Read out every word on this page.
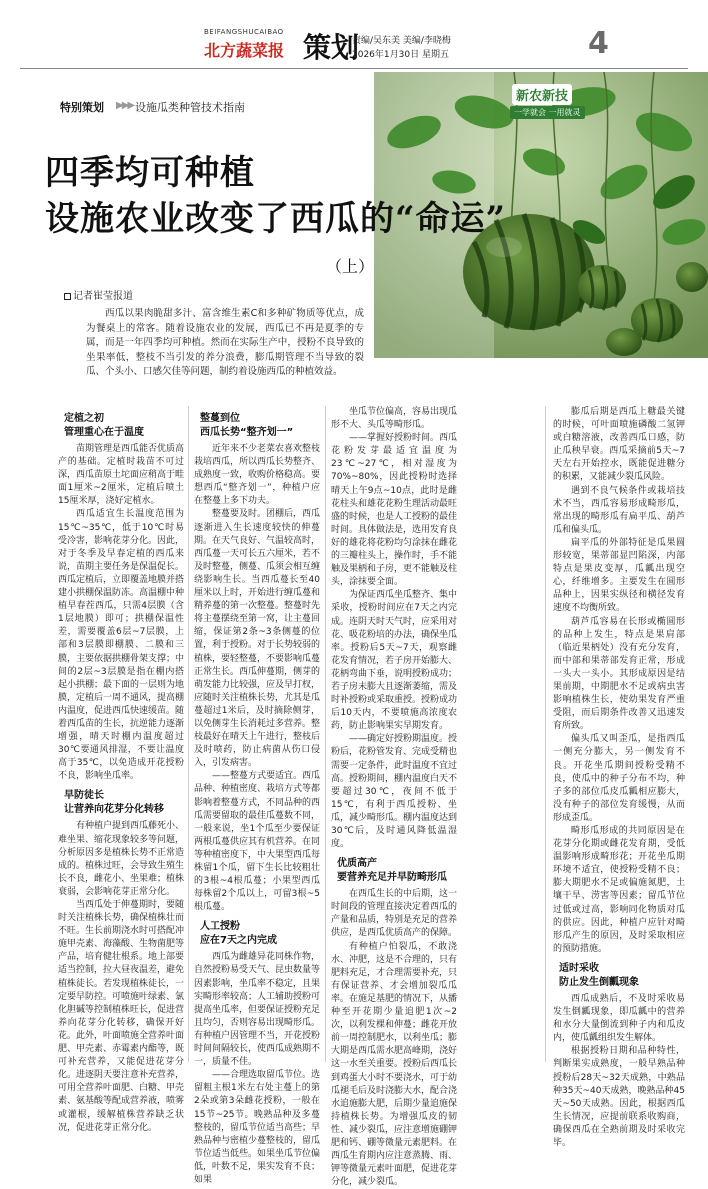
BEIFANGSHUCAIBAO
北方蔬菜报 策划
责编/吴东美 美编/李晓梅
2026年1月30日 星期五	4
新农新技
一学就会 一用就灵
特别策划 ▶▶▶ 设施瓜类种管技术指南
四季均可种植
设施农业改变了西瓜的“命运”
（上）
记者崔莹报道
西瓜以果肉脆甜多汁、富含维生素C和多种矿物质等优点，成为餐桌上的常客。随着设施农业的发展，西瓜已不再是夏季的专属，而是一年四季均可种植。然而在实际生产中，授粉不良导致的坐果率低，整枝不当引发的养分浪费，膨瓜期管理不当导致的裂瓜、个头小、口感欠佳等问题，制约着设施西瓜的种植效益。
定植之初
管理重心在于温度

苗期管理是西瓜能否优质高产的基础。定植时栽苗不可过深，西瓜苗原土坨面应稍高于畦面1厘米~2厘米，定植后喷土15厘米厚，浇好定植水。

西瓜适宜生长温度范围为15℃~35℃，低于10℃时易受冷害，影响花芽分化。因此，对于冬季及早春定植的西瓜来说，苗期主要任务是保温促长。西瓜定植后，立即覆盖地膜并搭建小拱棚保温防冻。高温棚中种植早春茬西瓜，只需4层膜（含1层地膜）即可；拱棚保温性差，需要覆盖6层~7层膜，上部和3层膜即棚膜、二膜和三膜，主要依据拱棚骨架支撑；中间的2层~3层膜是指在棚内搭起小拱棚；最下面的一层则为地膜，定植后一周不通风，提高棚内温度，促进西瓜快速缓苗。随着西瓜苗的生长，抗逆能力逐渐增强，晴天时棚内温度超过30℃要通风排湿，不要让温度高于35℃，以免造成开花授粉不良，影响坐瓜率。

早防徒长
让营养向花芽分化转移

有种植户提到西瓜藤死小、难坐果、缩花现象较多等问题，分析原因多是植株长势不正常造成的。植株过旺，会导致生殖生长不良，雌花小、坐果难；植株衰弱，会影响花芽正常分化。

当西瓜处于伸蔓期时，要随时关注植株长势，确保植株壮而不旺。生长前期浇水时可搭配冲施甲壳素、海藻酸、生物菌肥等产品，培育健壮根系。地上部要适当控制，拉大昼夜温差，避免植株徒长。若发现植株徒长，一定要早防控。可喷施叶绿素、氯化胆碱等控制植株旺长，促进营养向花芽分化转移，确保开好花。此外，叶面喷施全营养叶面肥、甲壳素、赤霉素内酯等，既可补充营养，又能促进花芽分化。进逐阴天要注意补充营养，可用全营养叶面肥、白糖、甲壳素、氨基酸等配成营养液，喷雾或灌根，缓解植株营养缺乏状况，促进花芽正常分化。

整蔓到位
西瓜长势“整齐划一”

近年来不少老菜农喜欢整枝栽培西瓜，所以西瓜长势整齐、成熟度一致，收购价格稳高。要想西瓜“整齐划一”，种植户应在整蔓上多下功夫。

整蔓要及时。团棚后，西瓜逐渐进入生长速度较快的伸蔓期。在天气良好、气温较高时，西瓜蔓一天可长五六厘米，若不及时整蔓，侧蔓、瓜须会相互缠绕影响生长。当西瓜蔓长至40厘米以上时，开始进行缠瓜蔓和精养蔓的第一次整蔓。整蔓时先将主蔓摆绕至第一窝，让主蔓回缩，保证第2条~3条侧蔓的位置，利于授粉。对于长势较弱的植株，要轻整蔓，不要影响瓜蔓正常生长。西瓜伸蔓期，侧芽的萌发能力比较强，应及早打杈，应随时关注植株长势，尤其是瓜蔓超过1米后，及时摘除侧芽，以免侧芽生长消耗过多营养。整枝最好在晴天上午进行，整枝后及时喷药，防止病菌从伤口侵入，引发病害。

——整蔓方式要适宜。西瓜品种、种植密度、栽培方式等都影响着整蔓方式，不同品种的西瓜需要留取的最佳瓜蔓数不同，一般来说，坐1个瓜至少要保证两根瓜蔓供应其有机营养。在同等种植密度下，中大果型西瓜每株留1个瓜，留下生长比较粗壮的3根~4根瓜蔓；小果型西瓜每株留2个瓜以上，可留3根~5根瓜蔓。

人工授粉
应在7天之内完成

西瓜为雌雄异花同株作物，自然授粉易受天气、昆虫数量等因素影响，坐瓜率不稳定，且果实畸形率较高；人工辅助授粉可提高坐瓜率，但要保证授粉充足且均匀，否则容易出现畸形瓜。有种植户因管理不当，开花授粉时间间隔较长，使西瓜成熟期不一，质量不佳。

——合理选取留瓜节位。选留粗主根1米左右处主蔓上的第2朵或第3朵雌花授粉，一般在15节~25节。晚熟品种及多蔓整枝的，留瓜节位适当高些；早熟品种与密植少蔓整枝的，留瓜节位适当低些。如果坐瓜节位偏低，叶数不足，果实发育不良；如果

坐瓜节位偏高，容易出现瓜形不大、头瓜等畸形瓜。

——掌握好授粉时间。西瓜花粉发芽最适宜温度为23℃~27℃，相对湿度为70%~80%，因此授粉时选择晴天上午9点~10点，此时是雌花柱头和雄花花粉生理活动最旺盛的时候，也是人工授粉的最佳时间。具体做法是，选用发育良好的雄花将花粉均匀涂抹在雌花的三瓣柱头上，操作时，手不能触及果柄和子房，更不能触及柱头，涂抹要全面。

为保证西瓜坐瓜整齐、集中采收，授粉时间应在7天之内完成。连阴天时天气时，应采用对花、吸花粉培的办法，确保坐瓜率。授粉后5天~7天，观察雌花发育情况，若子房开始膨大、花柄弯曲下垂，说明授粉成功；若子房未膨大且逐渐萎缩，需及时补授粉或采取重授。授粉成功后10天内，不要喷施高浓度农药，防止影响果实早期发育。

——确定好授粉期温度。授粉后，花粉管发育、完成受精也需要一定条件，此时温度不宜过高。授粉期间，棚内温度白天不要超过30℃，夜间不低于15℃，有利于西瓜授粉、坐瓜，减少畸形瓜。棚内温度达到30℃后，及时通风降低温湿度。

优质高产
要营养充足并早防畸形瓜

在西瓜生长的中后期，这一时间段的管理直接决定着西瓜的产量和品质，特别是充足的营养供应，是西瓜优质高产的保障。

有种植户怕裂瓜，不敢浇水、冲肥，这是不合理的，只有肥料充足，才合理需要补充，只有保证营养、才会增加裂瓜瓜率。在施足基肥的情况下，从播种至开花期少量追肥1次~2次，以利发棵和伸蔓；雌花开放前一周控制肥水，以利坐瓜；膨大期是西瓜需水肥高峰期，浇好这一水至关重要。授粉后西瓜长到鸡蛋大小时不要浇水，可于幼瓜褪毛后及时浇膨大水，配合浇水追施膨大肥，后期少量追施保持植株长势。为增强瓜皮的韧性、减少裂瓜，应注意增施硼钾肥和钙、硼等微量元素肥料。在西瓜生育期内应注意蒸腾、雨、钾等微量元素叶面肥，促进花芽分化，减少裂瓜。

膨瓜后期是西瓜上糖最关键的时候，可叶面喷施磷酸二氢钾或白糖溶液，改善西瓜口感，防止瓜秧早衰。西瓜采摘前5天~7天左右开始控水，既能促进糖分的积累，又能减少裂瓜风险。

遇到不良气候条件或栽培技术不当，西瓜容易形成畸形瓜，常出现的畸形瓜有扁平瓜、葫芦瓜和偏头瓜。

扁平瓜的外部特征是瓜果圆形较宽，果蒂部显凹陷深，内部特点是果皮变厚，瓜瓤出现空心，纤维增多。主要发生在圆形品种上，因果实纵径和横径发育速度不均衡所致。

葫芦瓜容易在长形或椭圆形的品种上发生，特点是果肩部（临近果柄处）没有充分发育，而中部和果蒂部发育正常，形成一头大一头小。其形成原因是结果前期，中期肥水不足或病虫害影响植株生长，使幼果发育严重受阻，而后期条件改善又迅速发育所致。

偏头瓜又叫歪瓜，是指西瓜一侧充分膨大，另一侧发育不良。开花坐瓜期间授粉受精不良，使瓜中的种子分布不均，种子多的部位瓜皮瓜瓤相应膨大，没有种子的部位发育缓慢，从而形成歪瓜。

畸形瓜形成的共同原因是在花芽分化期或雌花发育期，受低温影响形成畸形花；开花坐瓜期环境不适宜，使授粉受精不良；膨大期肥水不足或偏施氮肥，土壤干旱、涝害等因素；留瓜节位过低或过高，影响同化物质对瓜的供应。因此，种植户应针对畸形瓜产生的原因，及时采取相应的预防措施。

适时采收
防止发生倒瓤现象

西瓜成熟后，不及时采收易发生倒瓤现象，即瓜瓤中的营养和水分大量倒流到种子内和瓜皮内，使瓜瓤组织发生解体。

根据授粉日期和品种特性，判断果实成熟度，一般早熟品种授粉后28天~32天成熟，中熟品种35天~40天成熟，晚熟品种45天~50天成熟。因此，根据西瓜生长情况，应提前联系收购商，确保西瓜在全熟前期及时采收完毕。
